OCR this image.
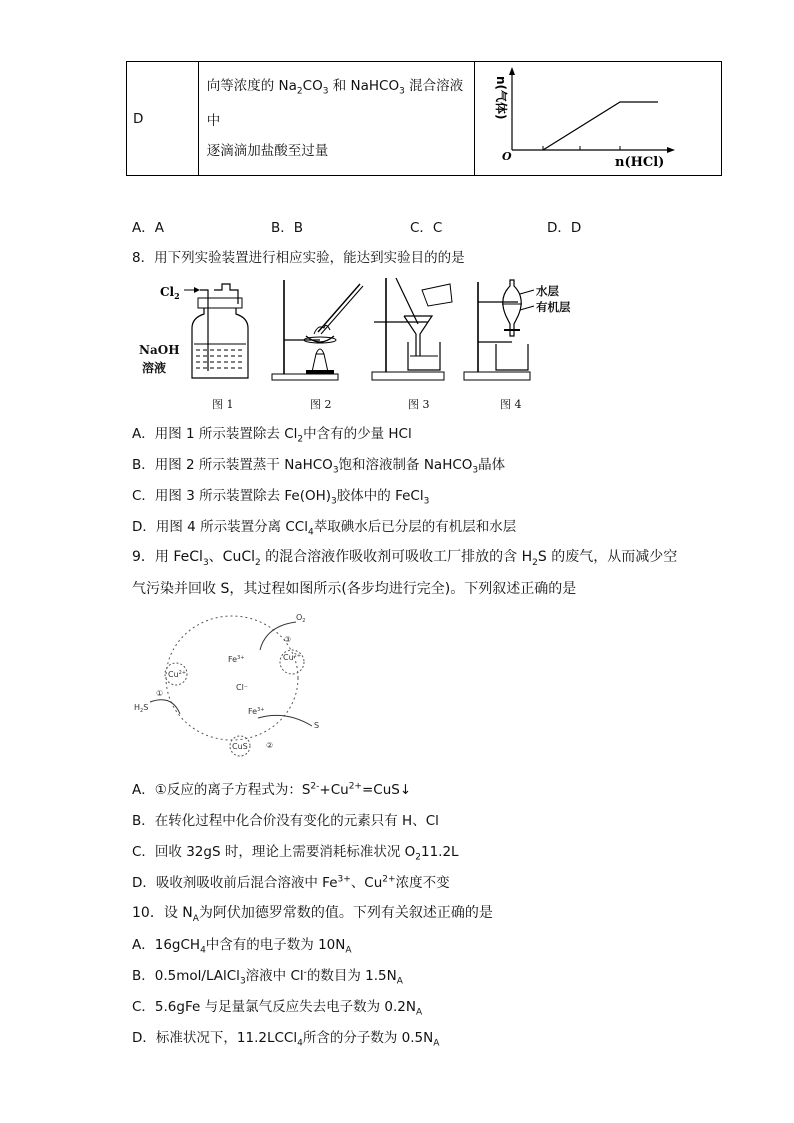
D	
向等浓度的 $Na_2CO_3$ 和 NaHCO$_3$ 混合溶液中
逐滴滴加盐酸至过量	O	n(HCl)
n(气体)
A．A	B．B	C．C	D．D
8．用下列实验装置进行相应实验，能达到实验目的的是
$Cl_2$
NaOH
溶液
水层
有机层
图 1	图 2	图 3	图 4
A．用图 1 所示装置除去 $Cl_2$中含有的少量 HCl
B．用图 2 所示装置蒸干 NaHCO$_3$饱和溶液制备 NaHCO$_3$晶体
C．用图 3 所示装置除去 $Fe(OH)_3$胶体中的 FeCl$_3$
D．用图 4 所示装置分离 CCl$_4$萃取碘水后已分层的有机层和水层
9．用 FeCl$_3$、CuCl$_2$ 的混合溶液作吸收剂可吸收工厂排放的含 $H_2S$ 的废气，从而减少空
气污染并回收 S，其过程如图所示(各步均进行完全)。下列叙述正确的是
$Cu^{2+}$
$Cu^{2+}$
CuS
Cl⁻
$Fe^{3+}$
$Fe^{3+}$
$O_2$
$H_2S$
S
①
②
③
A．①反应的离子方程式为：$S^{2-}+Cu^{2+}=CuS↓$
B．在转化过程中化合价没有变化的元素只有 H、Cl
C．回收 32gS 时，理论上需要消耗标准状况 $O_211.2L$
D．吸收剂吸收前后混合溶液中 $Fe^{3+}$、$Cu^{2+}$浓度不变
10．设 $N_A$为阿伏加德罗常数的值。下列有关叙述正确的是
A．16gCH$_4$中含有的电子数为 $10N_A$
B．0.5mol/LAlCl$_3$溶液中 Cl-的数目为 $1.5N_A$
C．5.6gFe 与足量氯气反应失去电子数为 $0.2N_A$
D．标准状况下，11.2LCCl$_4$所含的分子数为 $0.5N_A$
